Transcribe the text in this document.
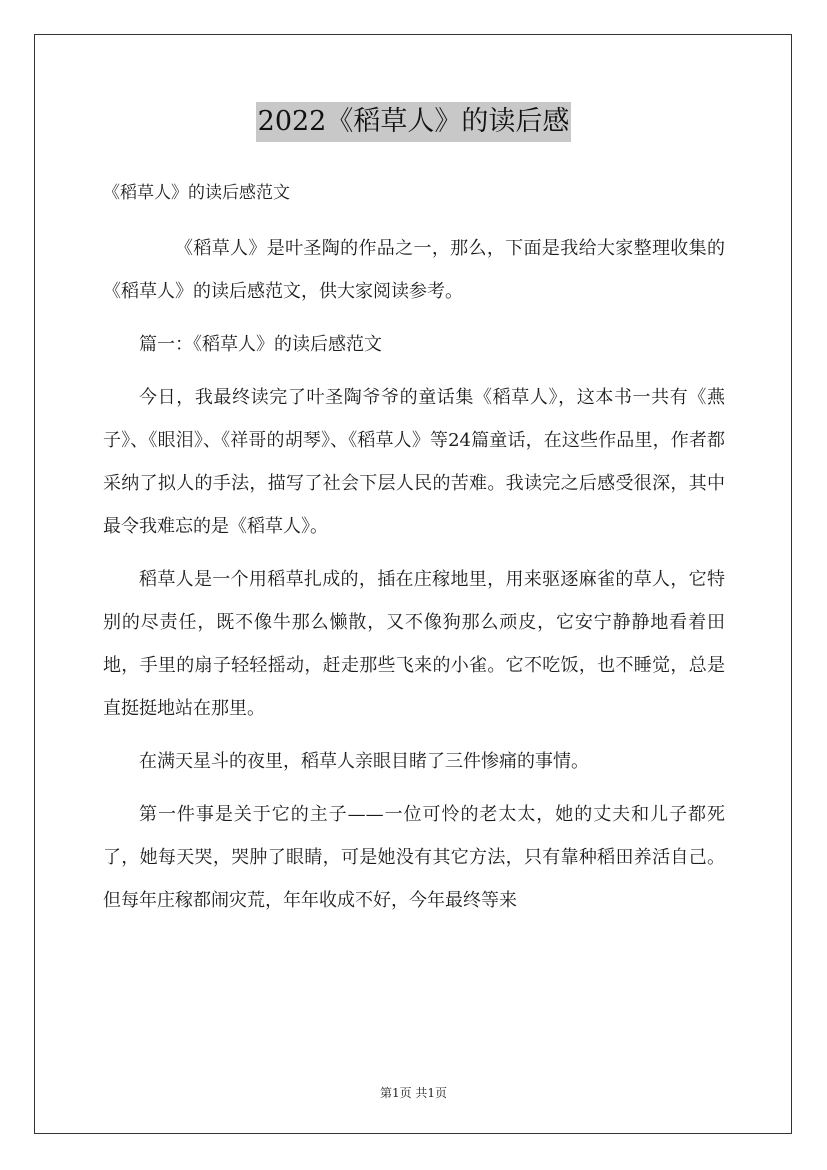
2022《稻草人》的读后感
《稻草人》的读后感范文

《稻草人》是叶圣陶的作品之一，那么，下面是我给大家整理收集的《稻草人》的读后感范文，供大家阅读参考。

篇一：《稻草人》的读后感范文

今日，我最终读完了叶圣陶爷爷的童话集《稻草人》，这本书一共有《燕子》、《眼泪》、《祥哥的胡琴》、《稻草人》等24篇童话，在这些作品里，作者都采纳了拟人的手法，描写了社会下层人民的苦难。我读完之后感受很深，其中最令我难忘的是《稻草人》。

稻草人是一个用稻草扎成的，插在庄稼地里，用来驱逐麻雀的草人，它特别的尽责任，既不像牛那么懒散，又不像狗那么顽皮，它安宁静静地看着田地，手里的扇子轻轻摇动，赶走那些飞来的小雀。它不吃饭，也不睡觉，总是直挺挺地站在那里。

在满天星斗的夜里，稻草人亲眼目睹了三件惨痛的事情。

第一件事是关于它的主子——一位可怜的老太太，她的丈夫和儿子都死了，她每天哭，哭肿了眼睛，可是她没有其它方法，只有靠种稻田养活自己。但每年庄稼都闹灾荒，年年收成不好，今年最终等来

第1页 共1页
